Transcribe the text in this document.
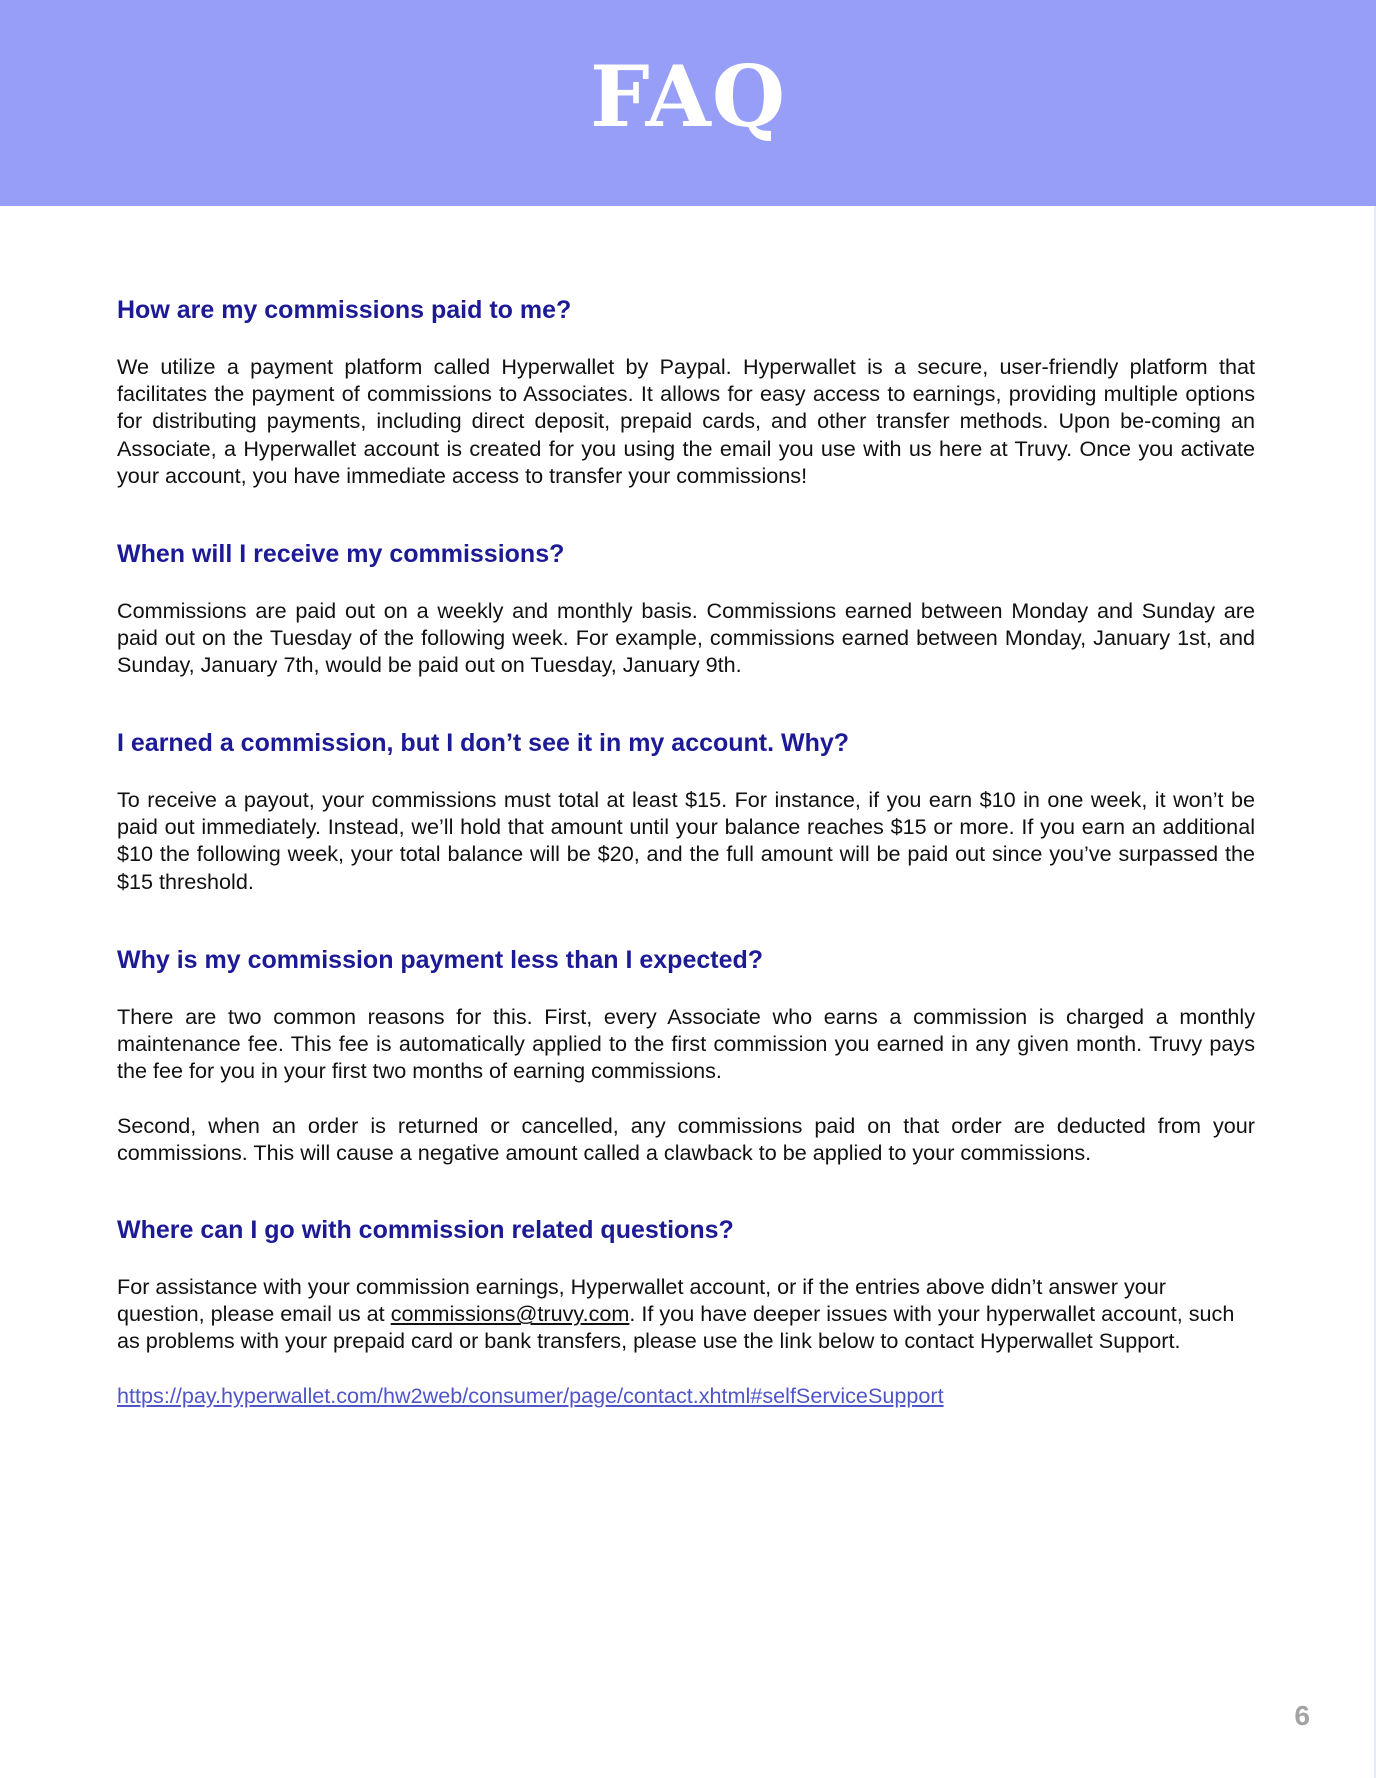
FAQ
How are my commissions paid to me?

We utilize a payment platform called Hyperwallet by Paypal. Hyperwallet is a secure, user-friendly platform that facilitates the payment of commissions to Associates. It allows for easy access to earnings, providing multiple options for distributing payments, including direct deposit, prepaid cards, and other transfer methods. Upon be-coming an Associate, a Hyperwallet account is created for you using the email you use with us here at Truvy. Once you activate your account, you have immediate access to transfer your commissions!

When will I receive my commissions?

Commissions are paid out on a weekly and monthly basis. Commissions earned between Monday and Sunday are paid out on the Tuesday of the following week. For example, commissions earned between Monday, January 1st, and Sunday, January 7th, would be paid out on Tuesday, January 9th.

I earned a commission, but I don’t see it in my account. Why?

To receive a payout, your commissions must total at least $15. For instance, if you earn $10 in one week, it won’t be paid out immediately. Instead, we’ll hold that amount until your balance reaches $15 or more. If you earn an additional $10 the following week, your total balance will be $20, and the full amount will be paid out since you’ve surpassed the $15 threshold.

Why is my commission payment less than I expected?

There are two common reasons for this. First, every Associate who earns a commission is charged a monthly maintenance fee. This fee is automatically applied to the first commission you earned in any given month. Truvy pays the fee for you in your first two months of earning commissions.

Second, when an order is returned or cancelled, any commissions paid on that order are deducted from your commissions. This will cause a negative amount called a clawback to be applied to your commissions.

Where can I go with commission related questions?

For assistance with your commission earnings, Hyperwallet account, or if the entries above didn’t answer your question, please email us at commissions@truvy.com. If you have deeper issues with your hyperwallet account, such as problems with your prepaid card or bank transfers, please use the link below to contact Hyperwallet Support.

https://pay.hyperwallet.com/hw2web/consumer/page/contact.xhtml#selfServiceSupport
6
